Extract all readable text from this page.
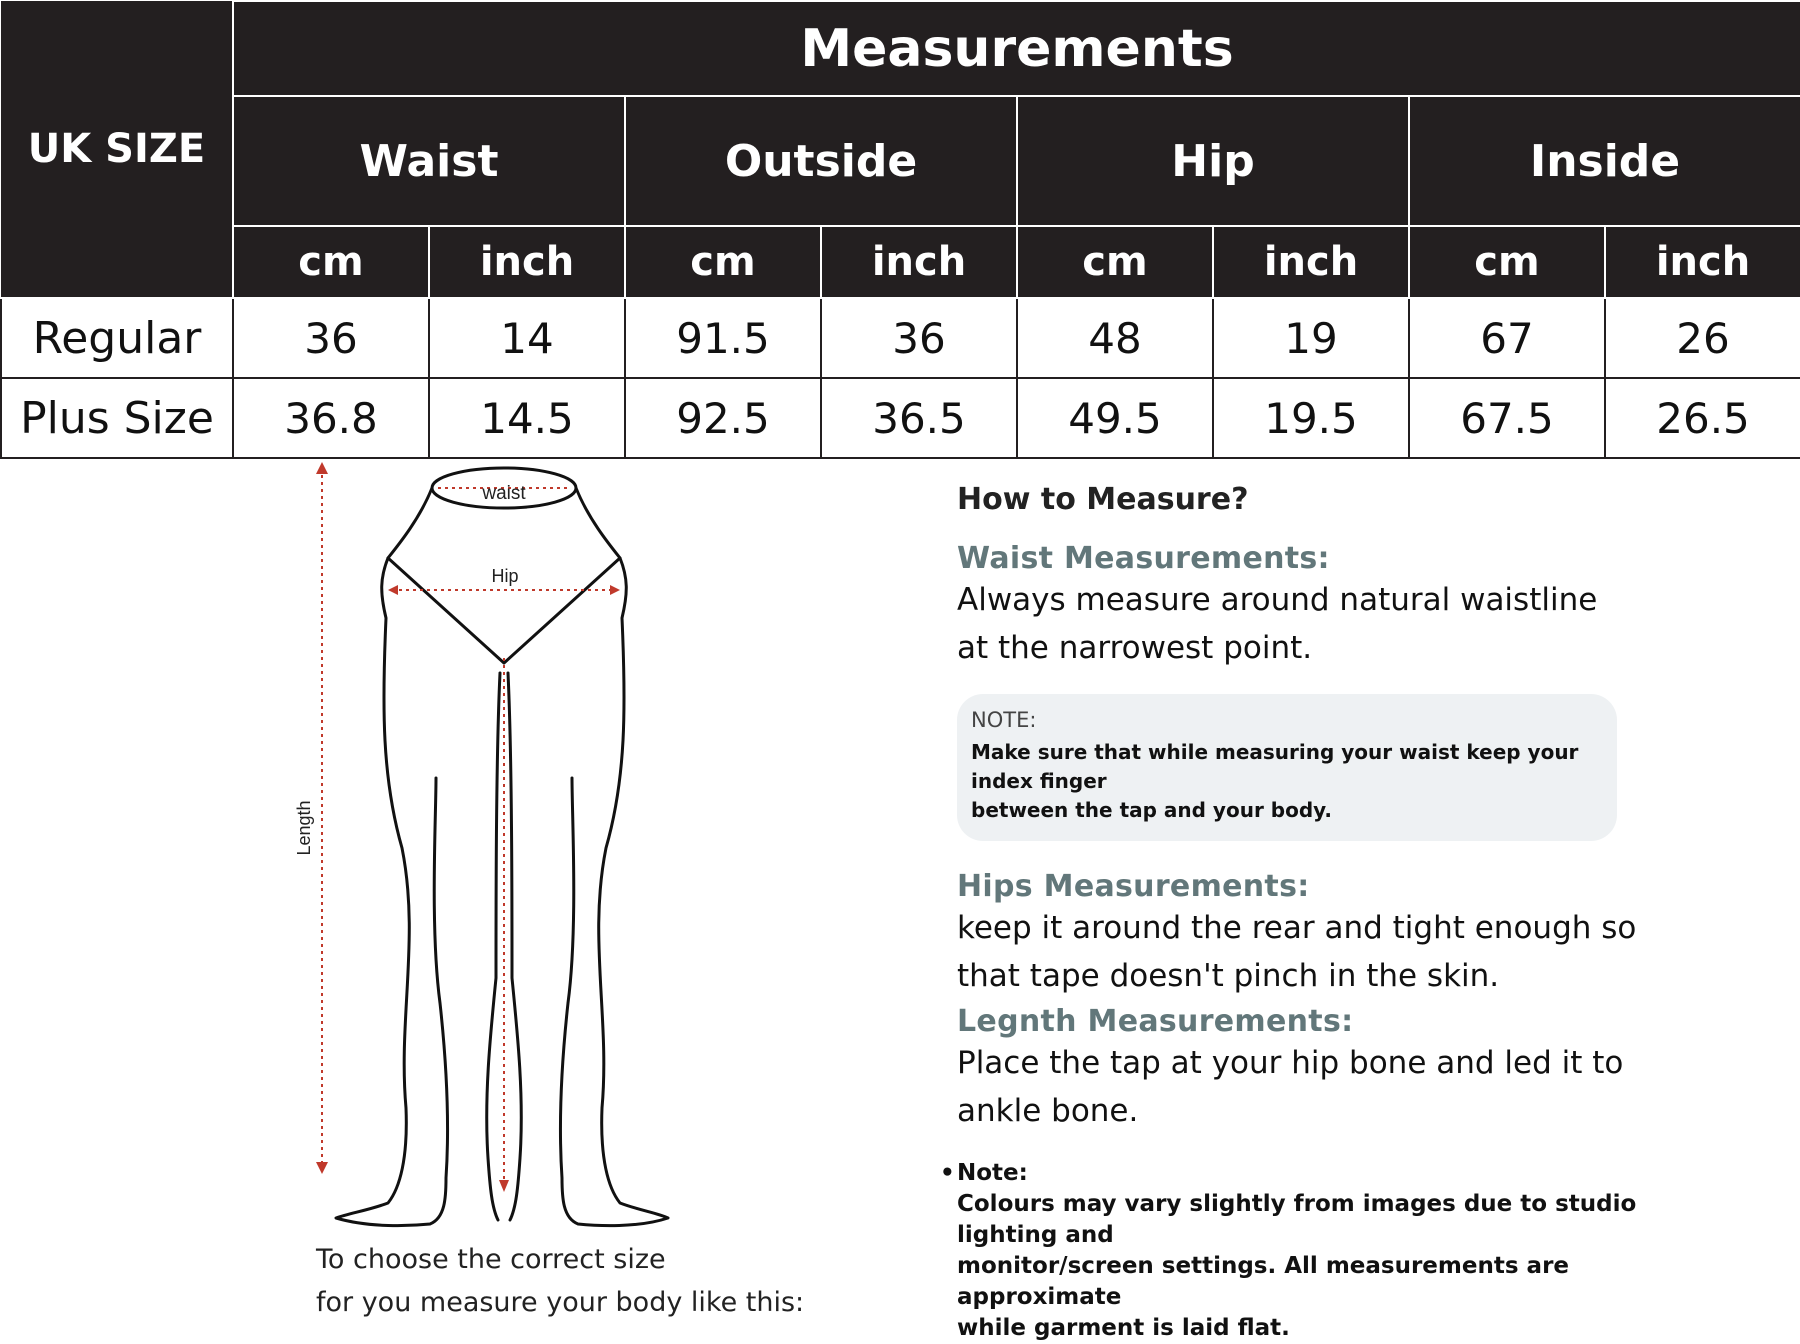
UK SIZE	Measurements							
	Waist		Outside		Hip		Inside	
	cm	inch	cm	inch	cm	inch	cm	inch
Regular	36	14	91.5	36	48	19	67	26
Plus Size	36.8	14.5	92.5	36.5	49.5	19.5	67.5	26.5
waist
Hip
Length
To choose the correct size
for you measure your body like this:
How to Measure?
Waist Measurements:
Always measure around natural waistline
at the narrowest point.
NOTE:
Make sure that while measuring your waist keep your index finger
between the tap and your body.
Hips Measurements:
keep it around the rear and tight enough so
that tape doesn't pinch in the skin.
Legnth Measurements:
Place the tap at your hip bone and led it to
ankle bone.
• Note:
Colours may vary slightly from images due to studio lighting and
monitor/screen settings. All measurements are approximate
while garment is laid flat.
